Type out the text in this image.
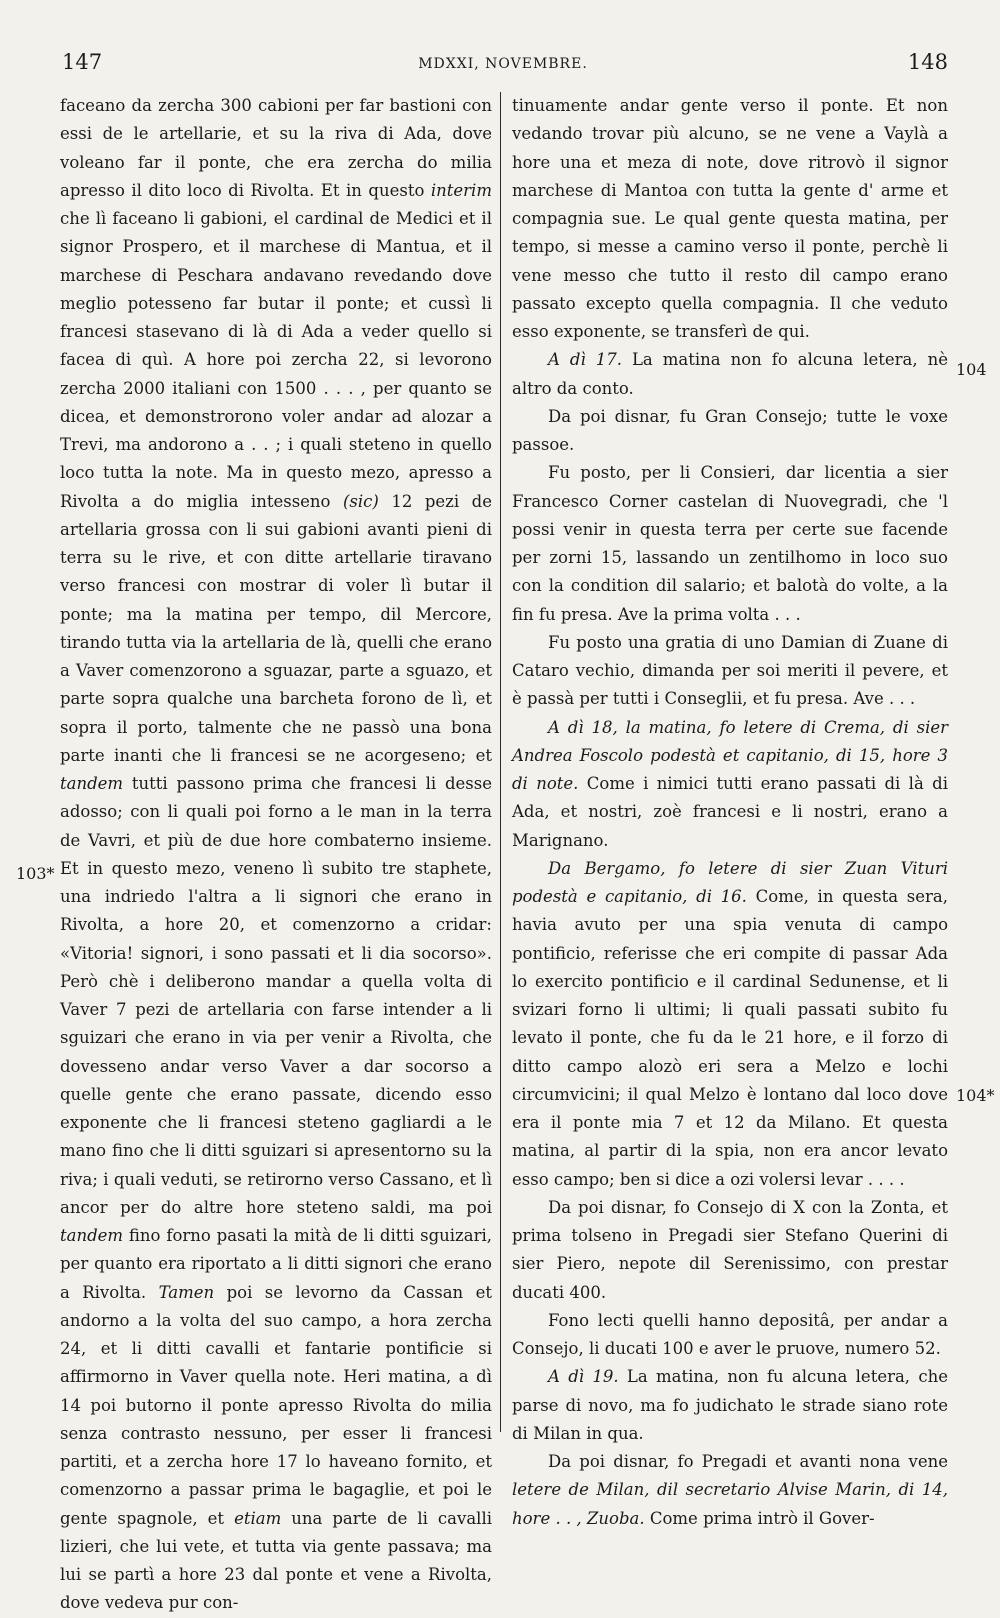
147	MDXXI, NOVEMBRE.	148
103*
104
104*

faceano da zercha 300 cabioni per far bastioni con essi de le artellarie, et su la riva di Ada, dove voleano far il ponte, che era zercha do milia apresso il dito loco di Rivolta. Et in questo interim che lì faceano li gabioni, el cardinal de Medici et il signor Prospero, et il marchese di Mantua, et il marchese di Peschara andavano revedando dove meglio potesseno far butar il ponte; et cussì li francesi stasevano di là di Ada a veder quello si facea di quì. A hore poi zercha 22, si levorono zercha 2000 italiani con 1500 . . . , per quanto se dicea, et demonstrorono voler andar ad alozar a Trevi, ma andorono a . . ; i quali steteno in quello loco tutta la note. Ma in questo mezo, apresso a Rivolta a do miglia intesseno (sic) 12 pezi de artellaria grossa con li sui gabioni avanti pieni di terra su le rive, et con ditte artellarie tiravano verso francesi con mostrar di voler lì butar il ponte; ma la matina per tempo, dil Mercore, tirando tutta via la artellaria de là, quelli che erano a Vaver comenzorono a sguazar, parte a sguazo, et parte sopra qualche una barcheta forono de lì, et sopra il porto, talmente che ne passò una bona parte inanti che li francesi se ne acorgeseno; et tandem tutti passono prima che francesi li desse adosso; con li quali poi forno a le man in la terra de Vavri, et più de due hore combaterno insieme. Et in questo mezo, veneno lì subito tre staphete, una indriedo l'altra a li signori che erano in Rivolta, a hore 20, et comenzorno a cridar: «Vitoria! signori, i sono passati et li dia socorso». Però chè i deliberono mandar a quella volta di Vaver 7 pezi de artellaria con farse intender a li sguizari che erano in via per venir a Rivolta, che dovesseno andar verso Vaver a dar socorso a quelle gente che erano passate, dicendo esso exponente che li francesi steteno gagliardi a le mano fino che li ditti sguizari si apresentorno su la riva; i quali veduti, se retirorno verso Cassano, et lì ancor per do altre hore steteno saldi, ma poi tandem fino forno pasati la mità de li ditti sguizari, per quanto era riportato a li ditti signori che erano a Rivolta. Tamen poi se levorno da Cassan et andorno a la volta del suo campo, a hora zercha 24, et li ditti cavalli et fantarie pontificie si affirmorno in Vaver quella note. Heri matina, a dì 14 poi butorno il ponte apresso Rivolta do milia senza contrasto nessuno, per esser li francesi partiti, et a zercha hore 17 lo haveano fornito, et comenzorno a passar prima le bagaglie, et poi le gente spagnole, et etiam una parte de li cavalli lizieri, che lui vete, et tutta via gente passava; ma lui se partì a hore 23 dal ponte et vene a Rivolta, dove vedeva pur con-

tinuamente andar gente verso il ponte. Et non vedando trovar più alcuno, se ne vene a Vaylà a hore una et meza di note, dove ritrovò il signor marchese di Mantoa con tutta la gente d' arme et compagnia sue. Le qual gente questa matina, per tempo, si messe a camino verso il ponte, perchè li vene messo che tutto il resto dil campo erano passato excepto quella compagnia. Il che veduto esso exponente, se transferì de qui.

A dì 17. La matina non fo alcuna letera, nè altro da conto.

Da poi disnar, fu Gran Consejo; tutte le voxe passoe.

Fu posto, per li Consieri, dar licentia a sier Francesco Corner castelan di Nuovegradi, che 'l possi venir in questa terra per certe sue facende per zorni 15, lassando un zentilhomo in loco suo con la condition dil salario; et balotà do volte, a la fin fu presa. Ave la prima volta . . .

Fu posto una gratia di uno Damian di Zuane di Cataro vechio, dimanda per soi meriti il pevere, et è passà per tutti i Conseglii, et fu presa. Ave . . .

A dì 18, la matina, fo letere di Crema, di sier Andrea Foscolo podestà et capitanio, di 15, hore 3 di note. Come i nimici tutti erano passati di là di Ada, et nostri, zoè francesi e li nostri, erano a Marignano.

Da Bergamo, fo letere di sier Zuan Vituri podestà e capitanio, di 16. Come, in questa sera, havia avuto per una spia venuta di campo pontificio, referisse che eri compite di passar Ada lo exercito pontificio e il cardinal Sedunense, et li svizari forno li ultimi; li quali passati subito fu levato il ponte, che fu da le 21 hore, e il forzo di ditto campo alozò eri sera a Melzo e lochi circumvicini; il qual Melzo è lontano dal loco dove era il ponte mia 7 et 12 da Milano. Et questa matina, al partir di la spia, non era ancor levato esso campo; ben si dice a ozi volersi levar . . . .

Da poi disnar, fo Consejo di X con la Zonta, et prima tolseno in Pregadi sier Stefano Querini di sier Piero, nepote dil Serenissimo, con prestar ducati 400.

Fono lecti quelli hanno depositâ, per andar a Consejo, li ducati 100 e aver le pruove, numero 52.

A dì 19. La matina, non fu alcuna letera, che parse di novo, ma fo judichato le strade siano rote di Milan in qua.

Da poi disnar, fo Pregadi et avanti nona vene letere de Milan, dil secretario Alvise Marin, di 14, hore . . , Zuoba. Come prima intrò il Gover-
